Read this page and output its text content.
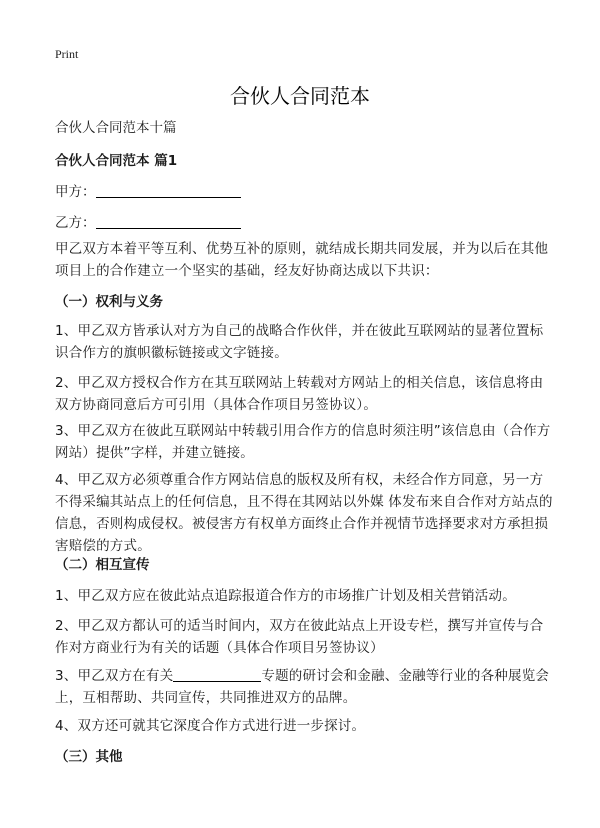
Print
合伙人合同范本
合伙人合同范本十篇
合伙人合同范本 篇1
甲方：
乙方：
甲乙双方本着平等互利、优势互补的原则，就结成长期共同发展，并为以后在其他项目上的合作建立一个坚实的基础，经友好协商达成以下共识：
（一）权利与义务
1、甲乙双方皆承认对方为自己的战略合作伙伴，并在彼此互联网站的显著位置标识合作方的旗帜徽标链接或文字链接。
2、甲乙双方授权合作方在其互联网站上转载对方网站上的相关信息，该信息将由双方协商同意后方可引用（具体合作项目另签协议）。
3、甲乙双方在彼此互联网站中转载引用合作方的信息时须注明”该信息由（合作方网站）提供”字样，并建立链接。
4、甲乙双方必须尊重合作方网站信息的版权及所有权，未经合作方同意，另一方不得采编其站点上的任何信息，且不得在其网站以外媒 体发布来自合作对方站点的信息，否则构成侵权。被侵害方有权单方面终止合作并视情节选择要求对方承担损害赔偿的方式。
（二）相互宣传
1、甲乙双方应在彼此站点追踪报道合作方的市场推广计划及相关营销活动。
2、甲乙双方都认可的适当时间内，双方在彼此站点上开设专栏，撰写并宣传与合作对方商业行为有关的话题（具体合作项目另签协议）
3、甲乙双方在有关	专题的研讨会和金融、金融等行业的各种展览会上，互相帮助、共同宣传，共同推进双方的品牌。
4、双方还可就其它深度合作方式进行进一步探讨。
（三）其他
